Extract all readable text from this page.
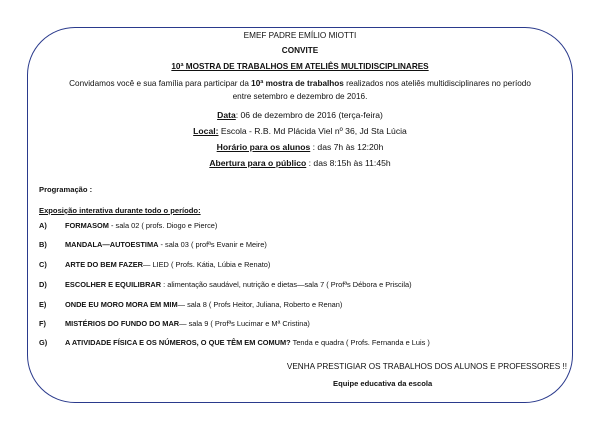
EMEF PADRE EMÍLIO MIOTTI
CONVITE
10ª MOSTRA DE TRABALHOS EM ATELIÊS MULTIDISCIPLINARES
Convidamos você e sua família para participar da 10ª mostra de trabalhos realizados nos ateliês multidisciplinares no período
entre setembro e dezembro de 2016.
Data: 06 de dezembro de 2016 (terça-feira)
Local: Escola - R.B. Md Plácida Viel nº 36, Jd Sta Lúcia
Horário para os alunos : das 7h às 12:20h
Abertura para o público : das 8:15h às 11:45h
Programação :
Exposição interativa durante todo o período:
A) FORMASOM - sala 02 ( profs. Diogo e Pierce)
B) MANDALA—AUTOESTIMA - sala 03 ( profªs Evanir e Meire)
C) ARTE DO BEM FAZER— LIED ( Profs. Kátia, Lúbia e Renato)
D) ESCOLHER E EQUILIBRAR : alimentação saudável, nutrição e dietas—sala 7 ( Profªs Débora e Priscila)
E)	ONDE EU MORO MORA EM MIM— sala 8 ( Profs Heitor, Juliana, Roberto e Renan)
F)	MISTÉRIOS DO FUNDO DO MAR— sala 9 ( Profªs Lucimar e Mª Cristina)
G) A ATIVIDADE FÍSICA E OS NÚMEROS, O QUE TÊM EM COMUM? Tenda e quadra ( Profs. Fernanda e Luis )
VENHA PRESTIGIAR OS TRABALHOS DOS ALUNOS E PROFESSORES !!
Equipe educativa da escola
